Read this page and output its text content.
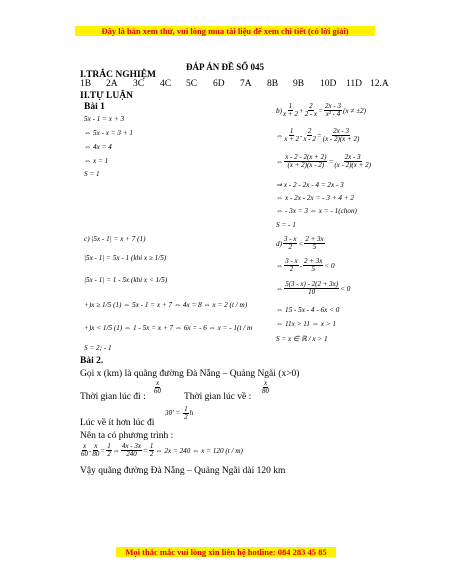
Đây là bản xem thử, vui lòng mua tài liệu để xem chi tiết (có lời giải)
ĐÁP ÁN ĐỀ SỐ 045
I.TRẮC NGHIỆM
1B 2A 3C 4C 5C 6D 7A 8B 9B 10D 11D 12.A
II.TỰ LUẬN
Bài 1
5x - 1 = x + 3
⇔ 5x - x = 3 + 1
⇔ 4x = 4
⇔ x = 1
S = 1
$b) \frac{1}{x + 2} + \frac{2}{2 - x} = \frac{2x - 3}{\text{x² - 4}} (x \ne \pm 2)$
⇔ $\frac{1}{x + 2} - \frac{2}{x - 2} = \frac{2x - 3}{(x - 2)(x + 2)}$
⇔ $\frac{x - 2 - 2(x + 2)}{(x + 2)(x - 2)} = \frac{2x - 3}{(x - 2)(x + 2)}$
⇒ x - 2 - 2x - 4 = 2x - 3
⇔ x - 2x - 2x = - 3 + 4 + 2
⇔ - 3x = 3 ⇔ x = - 1(chon)
S = - 1
c) |5x - 1| = x + 7 (1)
|5x - 1| = 5x - 1 (khi x ≥ 1/5)
|5x - 1| = 1 - 5x (khi x < 1/5)
+)x ≥ 1/5 (1) ⇔ 5x - 1 = x + 7 ⇔ 4x = 8 ⇔ x = 2 (t / m)
+)x < 1/5 (1) ⇔ 1 - 5x = x + 7 ⇔ 6x = - 6 ⇔ x = - 1(t / m
S = 2; - 1
$d) \frac{3 - x}{2} < \frac{2 + 3x}{5}$
⇔ $\frac{3 - x}{2} - \frac{2 + 3x}{5} < 0$
⇔ $\frac{5(3 - x) - 2(2 + 3x)}{10} < 0$
⇔ 15 - 5x - 4 - 6x < 0
⇔ 11x > 11 ⇔ x > 1
S = x ∈ ℝ / x > 1
Bài 2.
Gọi x (km) là quãng đường Đà Nẵng – Quảng Ngãi (x>0)
Thời gian lúc đi :
$\frac{x}{60}$
Thời gian lúc về :
$\frac{x}{80}$
$30' = \frac{1}{2}$ h
Lúc về ít hơn lúc đi
Nên ta có phương trình :
$\frac{x}{60} - \frac{x}{80} = \frac{1}{2}$ ⇔ $\frac{4x - 3x}{240} = \frac{1}{2}$ ⇔ 2x = 240 ⇔ x = 120 (t / m)
Vậy quãng đường Đà Nẵng – Quảng Ngãi dài 120 km
Mọi thắc mắc vui lòng xin liên hệ hotline: 084 283 45 85
